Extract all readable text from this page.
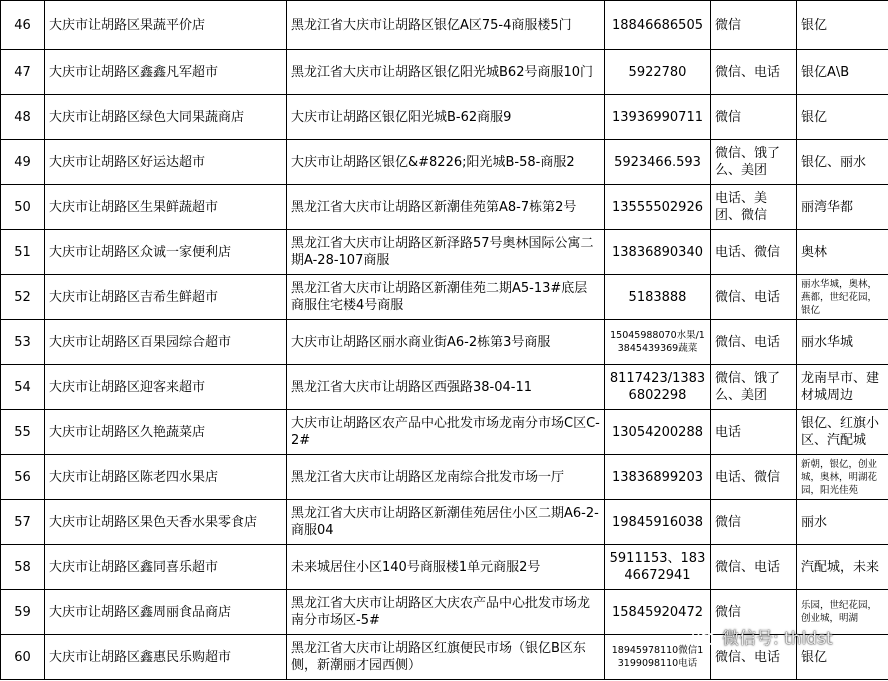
46	大庆市让胡路区果蔬平价店	黑龙江省大庆市让胡路区银亿A区75-4商服楼5门	18846686505	微信	银亿
47	大庆市让胡路区鑫鑫凡军超市	黑龙江省大庆市让胡路区银亿阳光城B62号商服10门	5922780	微信、电话	银亿A\B
48	大庆市让胡路区绿色大同果蔬商店	大庆市让胡路区银亿阳光城B-62商服9	13936990711	微信	银亿
49	大庆市让胡路区好运达超市	大庆市让胡路区银亿&#8226;阳光城B-58-商服2	5923466.593	微信、饿了么、美团	银亿、丽水
50	大庆市让胡路区生果鲜蔬超市	黑龙江省大庆市让胡路区新潮佳苑第A8-7栋第2号	13555502926	电话、美团、微信	丽湾华都
51	大庆市让胡路区众诚一家便利店	黑龙江省大庆市让胡路区新泽路57号奥林国际公寓二期A-28-107商服	13836890340	电话、微信	奥林
52	大庆市让胡路区吉希生鲜超市	黑龙江省大庆市让胡路区新潮佳苑二期A5-13#底层商服住宅楼4号商服	5183888	微信、电话	丽水华城，奥林，燕都，世纪花园，银亿
53	大庆市让胡路区百果园综合超市	大庆市让胡路区丽水商业街A6-2栋第3号商服	15045988070水果/13845439369蔬菜	微信、电话	丽水华城
54	大庆市让胡路区迎客来超市	黑龙江省大庆市让胡路区西强路38-04-11	8117423/13836802298	微信、饿了么、美团	龙南早市、建材城周边
55	大庆市让胡路区久艳蔬菜店	大庆市让胡路区农产品中心批发市场龙南分市场C区C-2#	13054200288	电话	银亿、红旗小区、汽配城
56	大庆市让胡路区陈老四水果店	黑龙江省大庆市让胡路区龙南综合批发市场一厅	13836899203	电话、微信	新朝，银亿，创业城，奥林，明湖花园，阳光佳苑
57	大庆市让胡路区果色天香水果零食店	黑龙江省大庆市让胡路区新潮佳苑居住小区二期A6-2-商服04	19845916038	微信	丽水
58	大庆市让胡路区鑫同喜乐超市	未来城居住小区140号商服楼1单元商服2号	5911153、18346672941	微信、电话	汽配城，未来
59	大庆市让胡路区鑫周丽食品商店	黑龙江省大庆市让胡路区大庆农产品中心批发市场龙南分市场区-5#	15845920472	微信	乐园，世纪花园，创业城，明湖
60	大庆市让胡路区鑫惠民乐购超市	黑龙江省大庆市让胡路区红旗便民市场（银亿B区东侧，新潮丽才园西侧）	18945978110微信13199098110电话	微信、电话	银亿
微信号: thldst
